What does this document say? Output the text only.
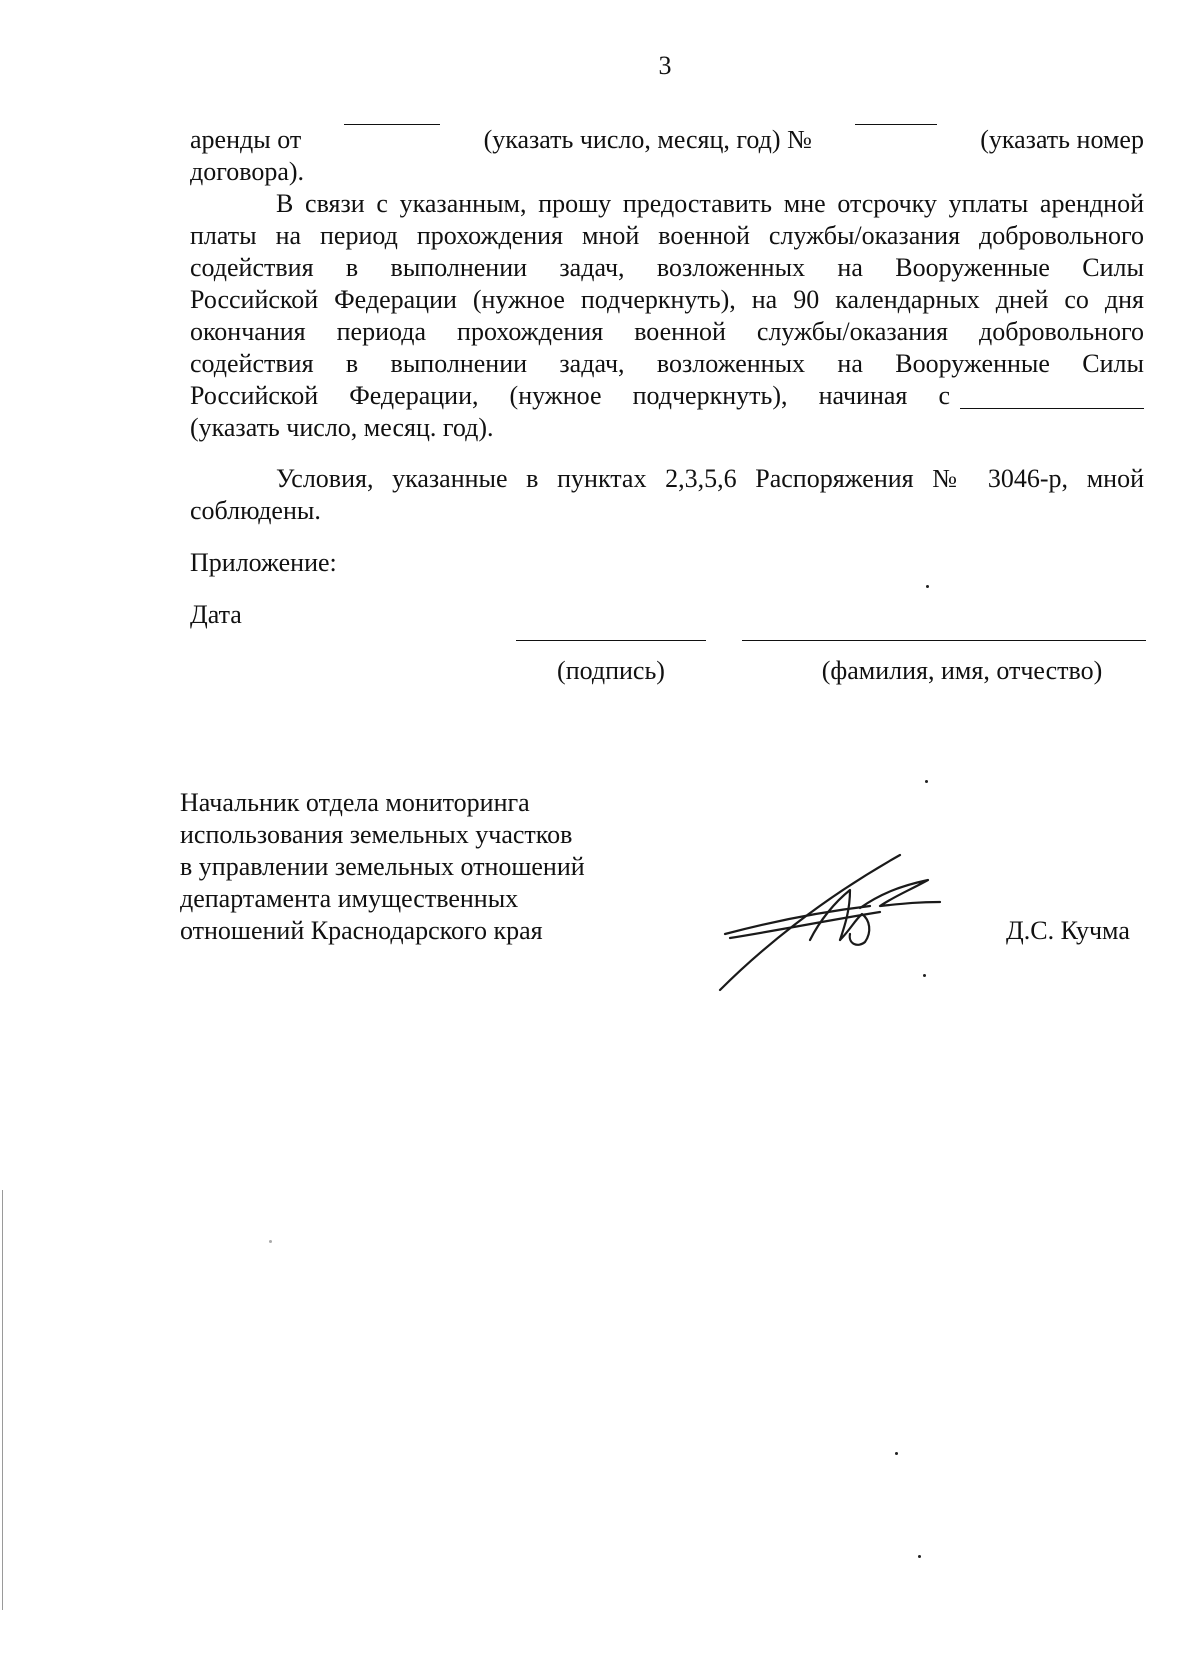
3
аренды от	(указать число, месяц, год) №	(указать номер
договора).
В связи с указанным, прошу предоставить мне отсрочку уплаты арендной
платы на период прохождения мной военной службы/оказания добровольного
содействия в выполнении задач, возложенных на Вооруженные Силы
Российской Федерации (нужное подчеркнуть), на 90 календарных дней со дня
окончания периода прохождения военной службы/оказания добровольного
содействия в выполнении задач, возложенных на Вооруженные Силы
Российской Федерации, (нужное подчеркнуть), начиная с
(указать число, месяц. год).
Условия, указанные в пунктах 2,3,5,6 Распоряжения № 3046-р, мной
соблюдены.
Приложение:
Дата
(подпись)	(фамилия, имя, отчество)
Начальник отдела мониторинга
использования земельных участков
в управлении земельных отношений
департамента имущественных
отношений Краснодарского края	Д.С. Кучма
